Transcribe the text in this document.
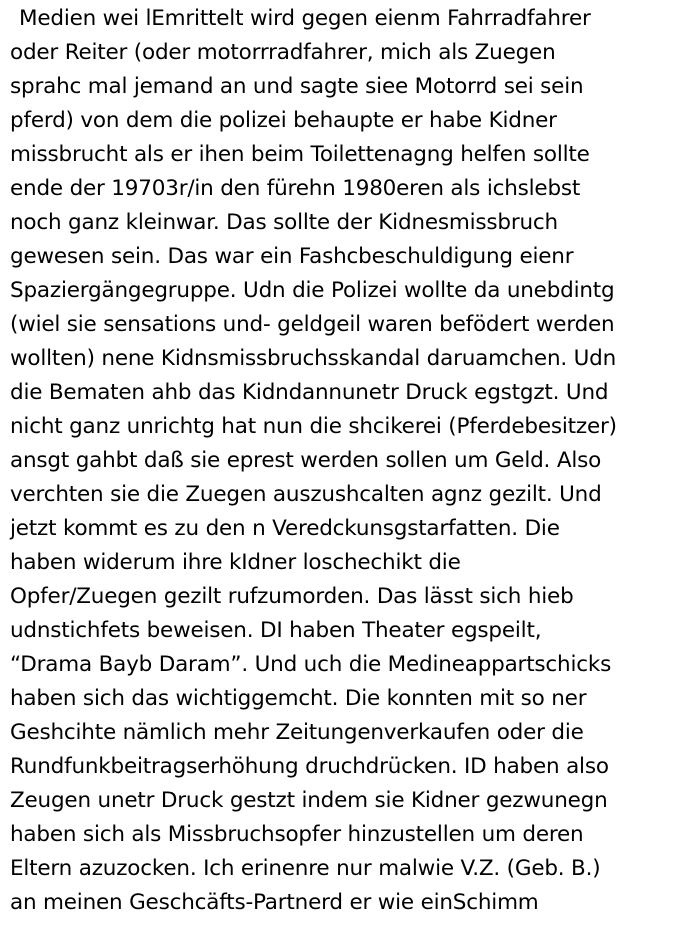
Medien wei lEmrittelt wird gegen eienm Fahrradfahrer
oder Reiter (oder motorrradfahrer, mich als Zuegen
sprahc mal jemand an und sagte siee Motorrd sei sein
pferd) von dem die polizei behaupte er habe Kidner
missbrucht als er ihen beim Toilettenagng helfen sollte
ende der 19703r/in den fürehn 1980eren als ichslebst
noch ganz kleinwar. Das sollte der Kidnesmissbruch
gewesen sein. Das war ein Fashcbeschuldigung eienr
Spaziergängegruppe. Udn die Polizei wollte da unebdintg
(wiel sie sensations und- geldgeil waren befödert werden
wollten) nene Kidnsmissbruchsskandal daruamchen. Udn
die Bematen ahb das Kidndannunetr Druck egstgzt. Und
nicht ganz unrichtg hat nun die shcikerei (Pferdebesitzer)
ansgt gahbt daß sie eprest werden sollen um Geld. Also
verchten sie die Zuegen auszushcalten agnz gezilt. Und
jetzt kommt es zu den n Veredckunsgstarfatten. Die
haben widerum ihre kIdner loschechikt die
Opfer/Zuegen gezilt rufzumorden. Das lässt sich hieb
udnstichfets beweisen. DI haben Theater egspeilt,
“Drama Bayb Daram”. Und uch die Medineappartschicks
haben sich das wichtiggemcht. Die konnten mit so ner
Geshcihte nämlich mehr Zeitungenverkaufen oder die
Rundfunkbeitragserhöhung druchdrücken. ID haben also
Zeugen unetr Druck gestzt indem sie Kidner gezwunegn
haben sich als Missbruchsopfer hinzustellen um deren
Eltern azuzocken. Ich erinenre nur malwie V.Z. (Geb. B.)
an meinen Geschcäfts-Partnerd er wie einSchimm
